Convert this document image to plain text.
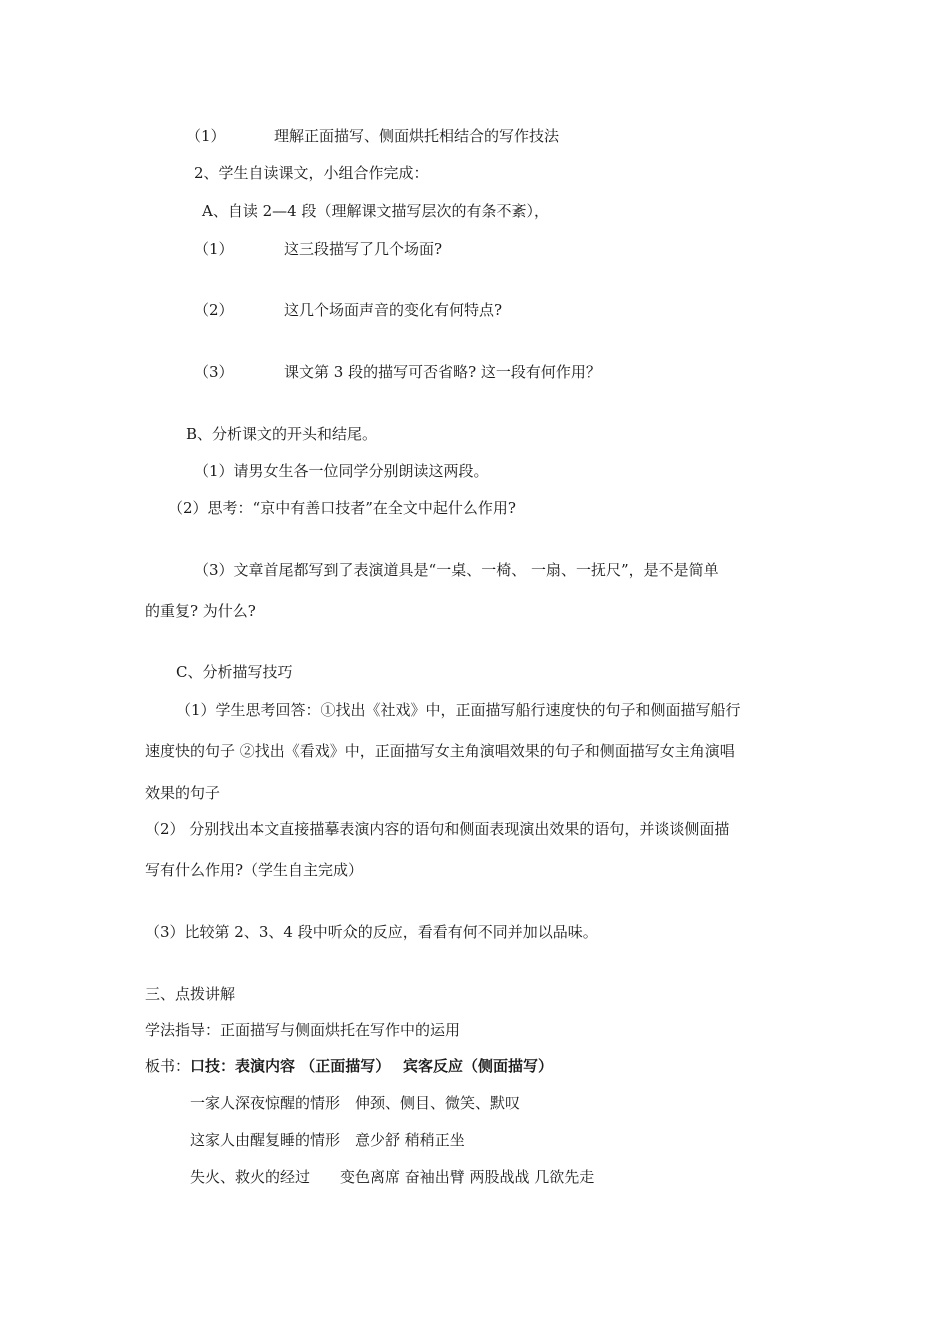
（1）	理解正面描写、侧面烘托相结合的写作技法
2、学生自读课文，小组合作完成：
A、自读 2—4 段（理解课文描写层次的有条不紊），
（1）	这三段描写了几个场面?
（2）	这几个场面声音的变化有何特点?
（3）	课文第 3 段的描写可否省略? 这一段有何作用？
B、分析课文的开头和结尾。
（1）请男女生各一位同学分别朗读这两段。
（2）思考：“京中有善口技者”在全文中起什么作用?
（3）文章首尾都写到了表演道具是“一桌、一椅、 一扇、一抚尺”，是不是简单
的重复? 为什么?
C、分析描写技巧
（1）学生思考回答：①找出《社戏》中，正面描写船行速度快的句子和侧面描写船行
速度快的句子 ②找出《看戏》中，正面描写女主角演唱效果的句子和侧面描写女主角演唱
效果的句子
（2） 分别找出本文直接描摹表演内容的语句和侧面表现演出效果的语句，并谈谈侧面描
写有什么作用?（学生自主完成）
（3）比较第 2、3、4 段中听众的反应，看看有何不同并加以品味。
三、点拨讲解
学法指导：正面描写与侧面烘托在写作中的运用
板书：口技：表演内容 （正面描写）　 宾客反应（侧面描写）
一家人深夜惊醒的情形　伸颈、侧目、微笑、默叹
这家人由醒复睡的情形　意少舒 稍稍正坐
失火、救火的经过　　变色离席 奋袖出臂 两股战战 几欲先走
